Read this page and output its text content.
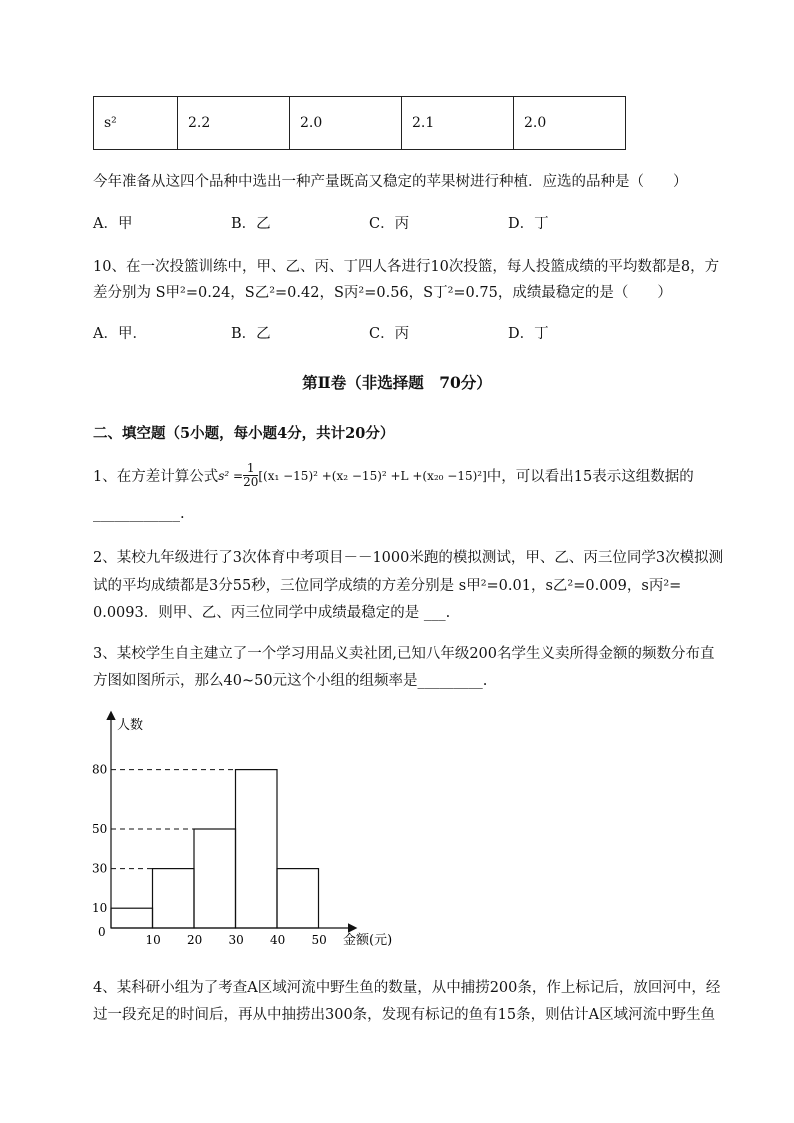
s²	2.2	2.0	2.1	2.0
今年准备从这四个品种中选出一种产量既高又稳定的苹果树进行种植．应选的品种是（　　）
A．甲	B．乙	C．丙	D．丁
10、在一次投篮训练中，甲、乙、丙、丁四人各进行10次投篮，每人投篮成绩的平均数都是8，方
差分别为 S甲²=0.24，S乙²=0.42，S丙²=0.56，S丁²=0.75，成绩最稳定的是（　　）
A．甲．	B．乙	C．丙	D．丁
第Ⅱ卷（非选择题　70分）
二、填空题（5小题，每小题4分，共计20分）
1、在方差计算公式 $s^2 = \frac{1}{20} [(x_1 -15)^2 +(x_2 -15)^2 +L +(x_{20} -15)^2]$ 中，可以看出15表示这组数据的
____________.
2、某校九年级进行了3次体育中考项目－－1000米跑的模拟测试，甲、乙、丙三位同学3次模拟测
试的平均成绩都是3分55秒，三位同学成绩的方差分别是 s甲²=0.01，s乙²=0.009，s丙²=
0.0093．则甲、乙、丙三位同学中成绩最稳定的是 ___.
3、某校学生自主建立了一个学习用品义卖社团,已知八年级200名学生义卖所得金额的频数分布直
方图如图所示，那么40~50元这个小组的组频率是_________.
10 20 30 40 50
10
30
50
80
人数
金额(元)
0
4、某科研小组为了考查A区域河流中野生鱼的数量，从中捕捞200条，作上标记后，放回河中，经
过一段充足的时间后，再从中抽捞出300条，发现有标记的鱼有15条，则估计A区域河流中野生鱼
